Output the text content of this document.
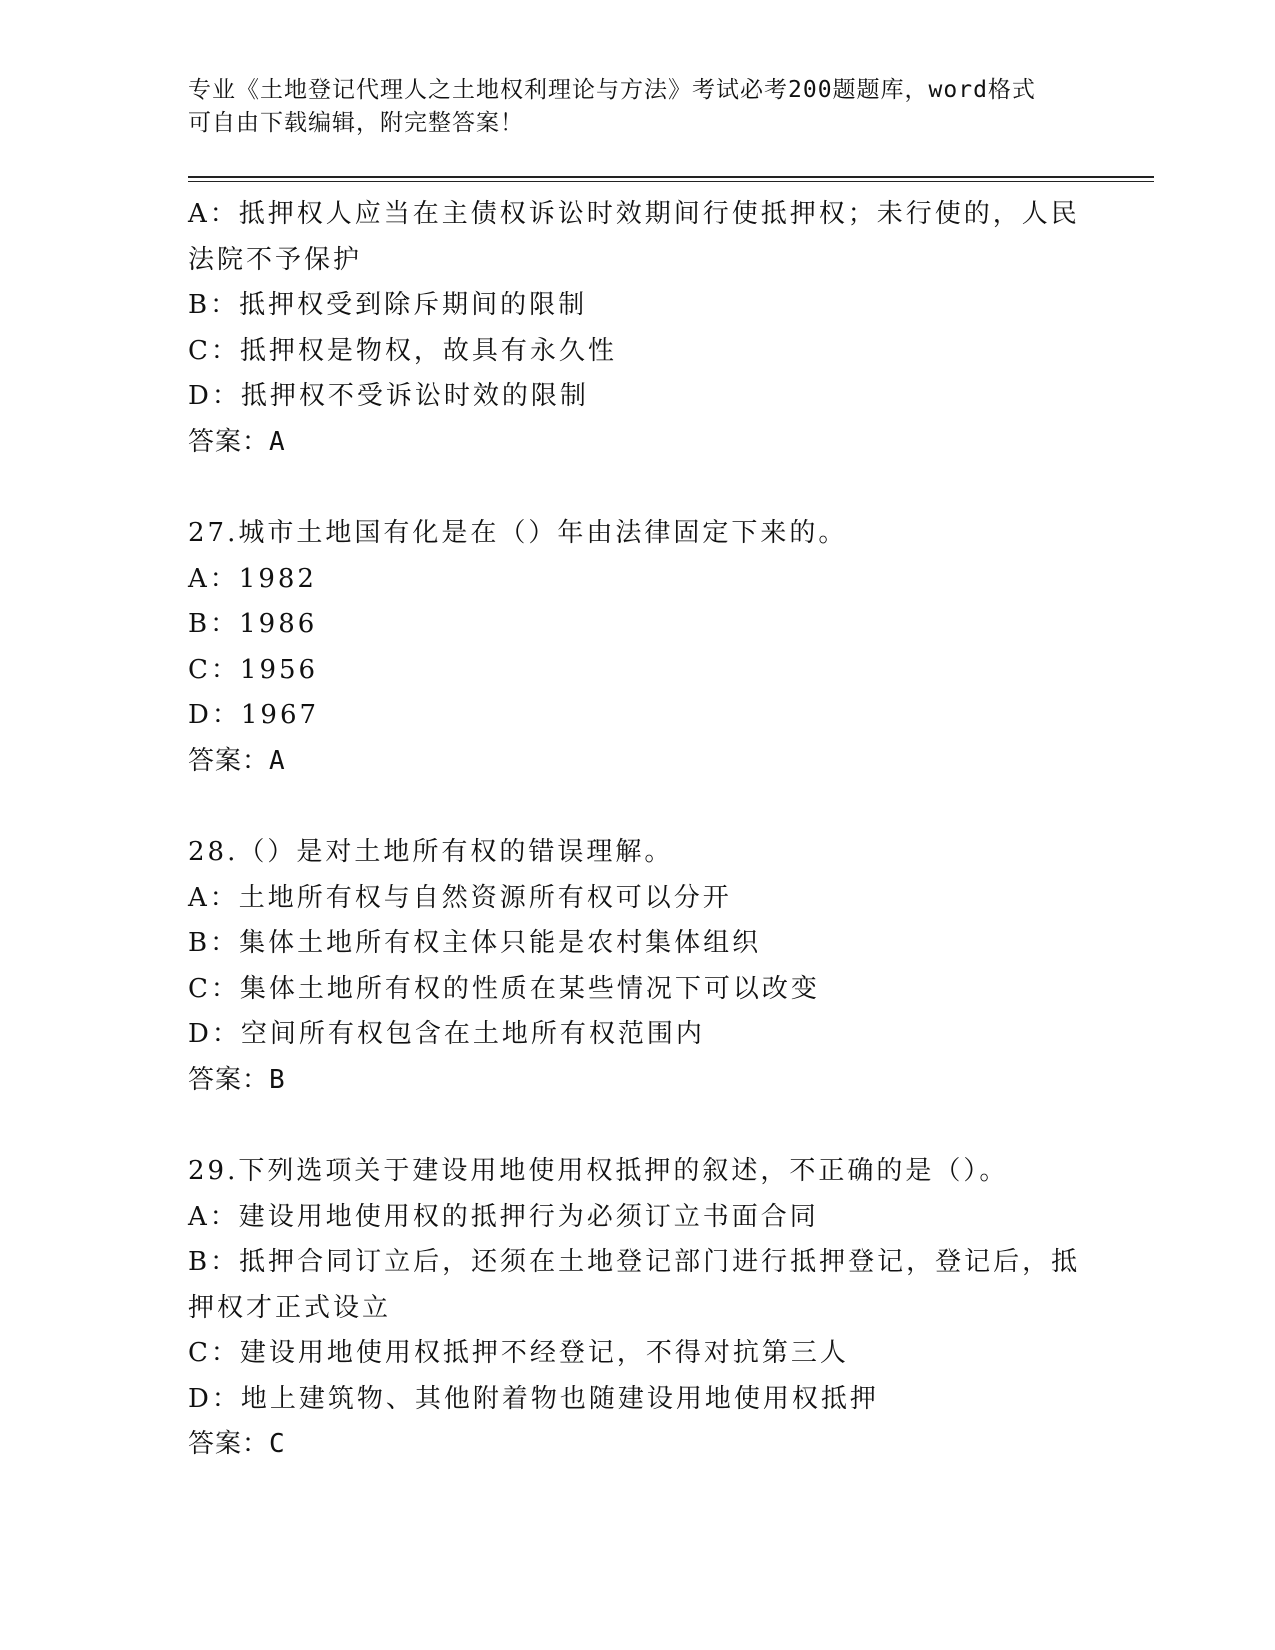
专业《土地登记代理人之土地权利理论与方法》考试必考200题题库，word格式
可自由下载编辑，附完整答案！
A：抵押权人应当在主债权诉讼时效期间行使抵押权；未行使的，人民
法院不予保护
B：抵押权受到除斥期间的限制
C：抵押权是物权，故具有永久性
D：抵押权不受诉讼时效的限制
答案：A
27.城市土地国有化是在（）年由法律固定下来的。
A：1982
B：1986
C：1956
D：1967
答案：A
28.（）是对土地所有权的错误理解。
A：土地所有权与自然资源所有权可以分开
B：集体土地所有权主体只能是农村集体组织
C：集体土地所有权的性质在某些情况下可以改变
D：空间所有权包含在土地所有权范围内
答案：B
29.下列选项关于建设用地使用权抵押的叙述，不正确的是（）。
A：建设用地使用权的抵押行为必须订立书面合同
B：抵押合同订立后，还须在土地登记部门进行抵押登记，登记后，抵
押权才正式设立
C：建设用地使用权抵押不经登记，不得对抗第三人
D：地上建筑物、其他附着物也随建设用地使用权抵押
答案：C
